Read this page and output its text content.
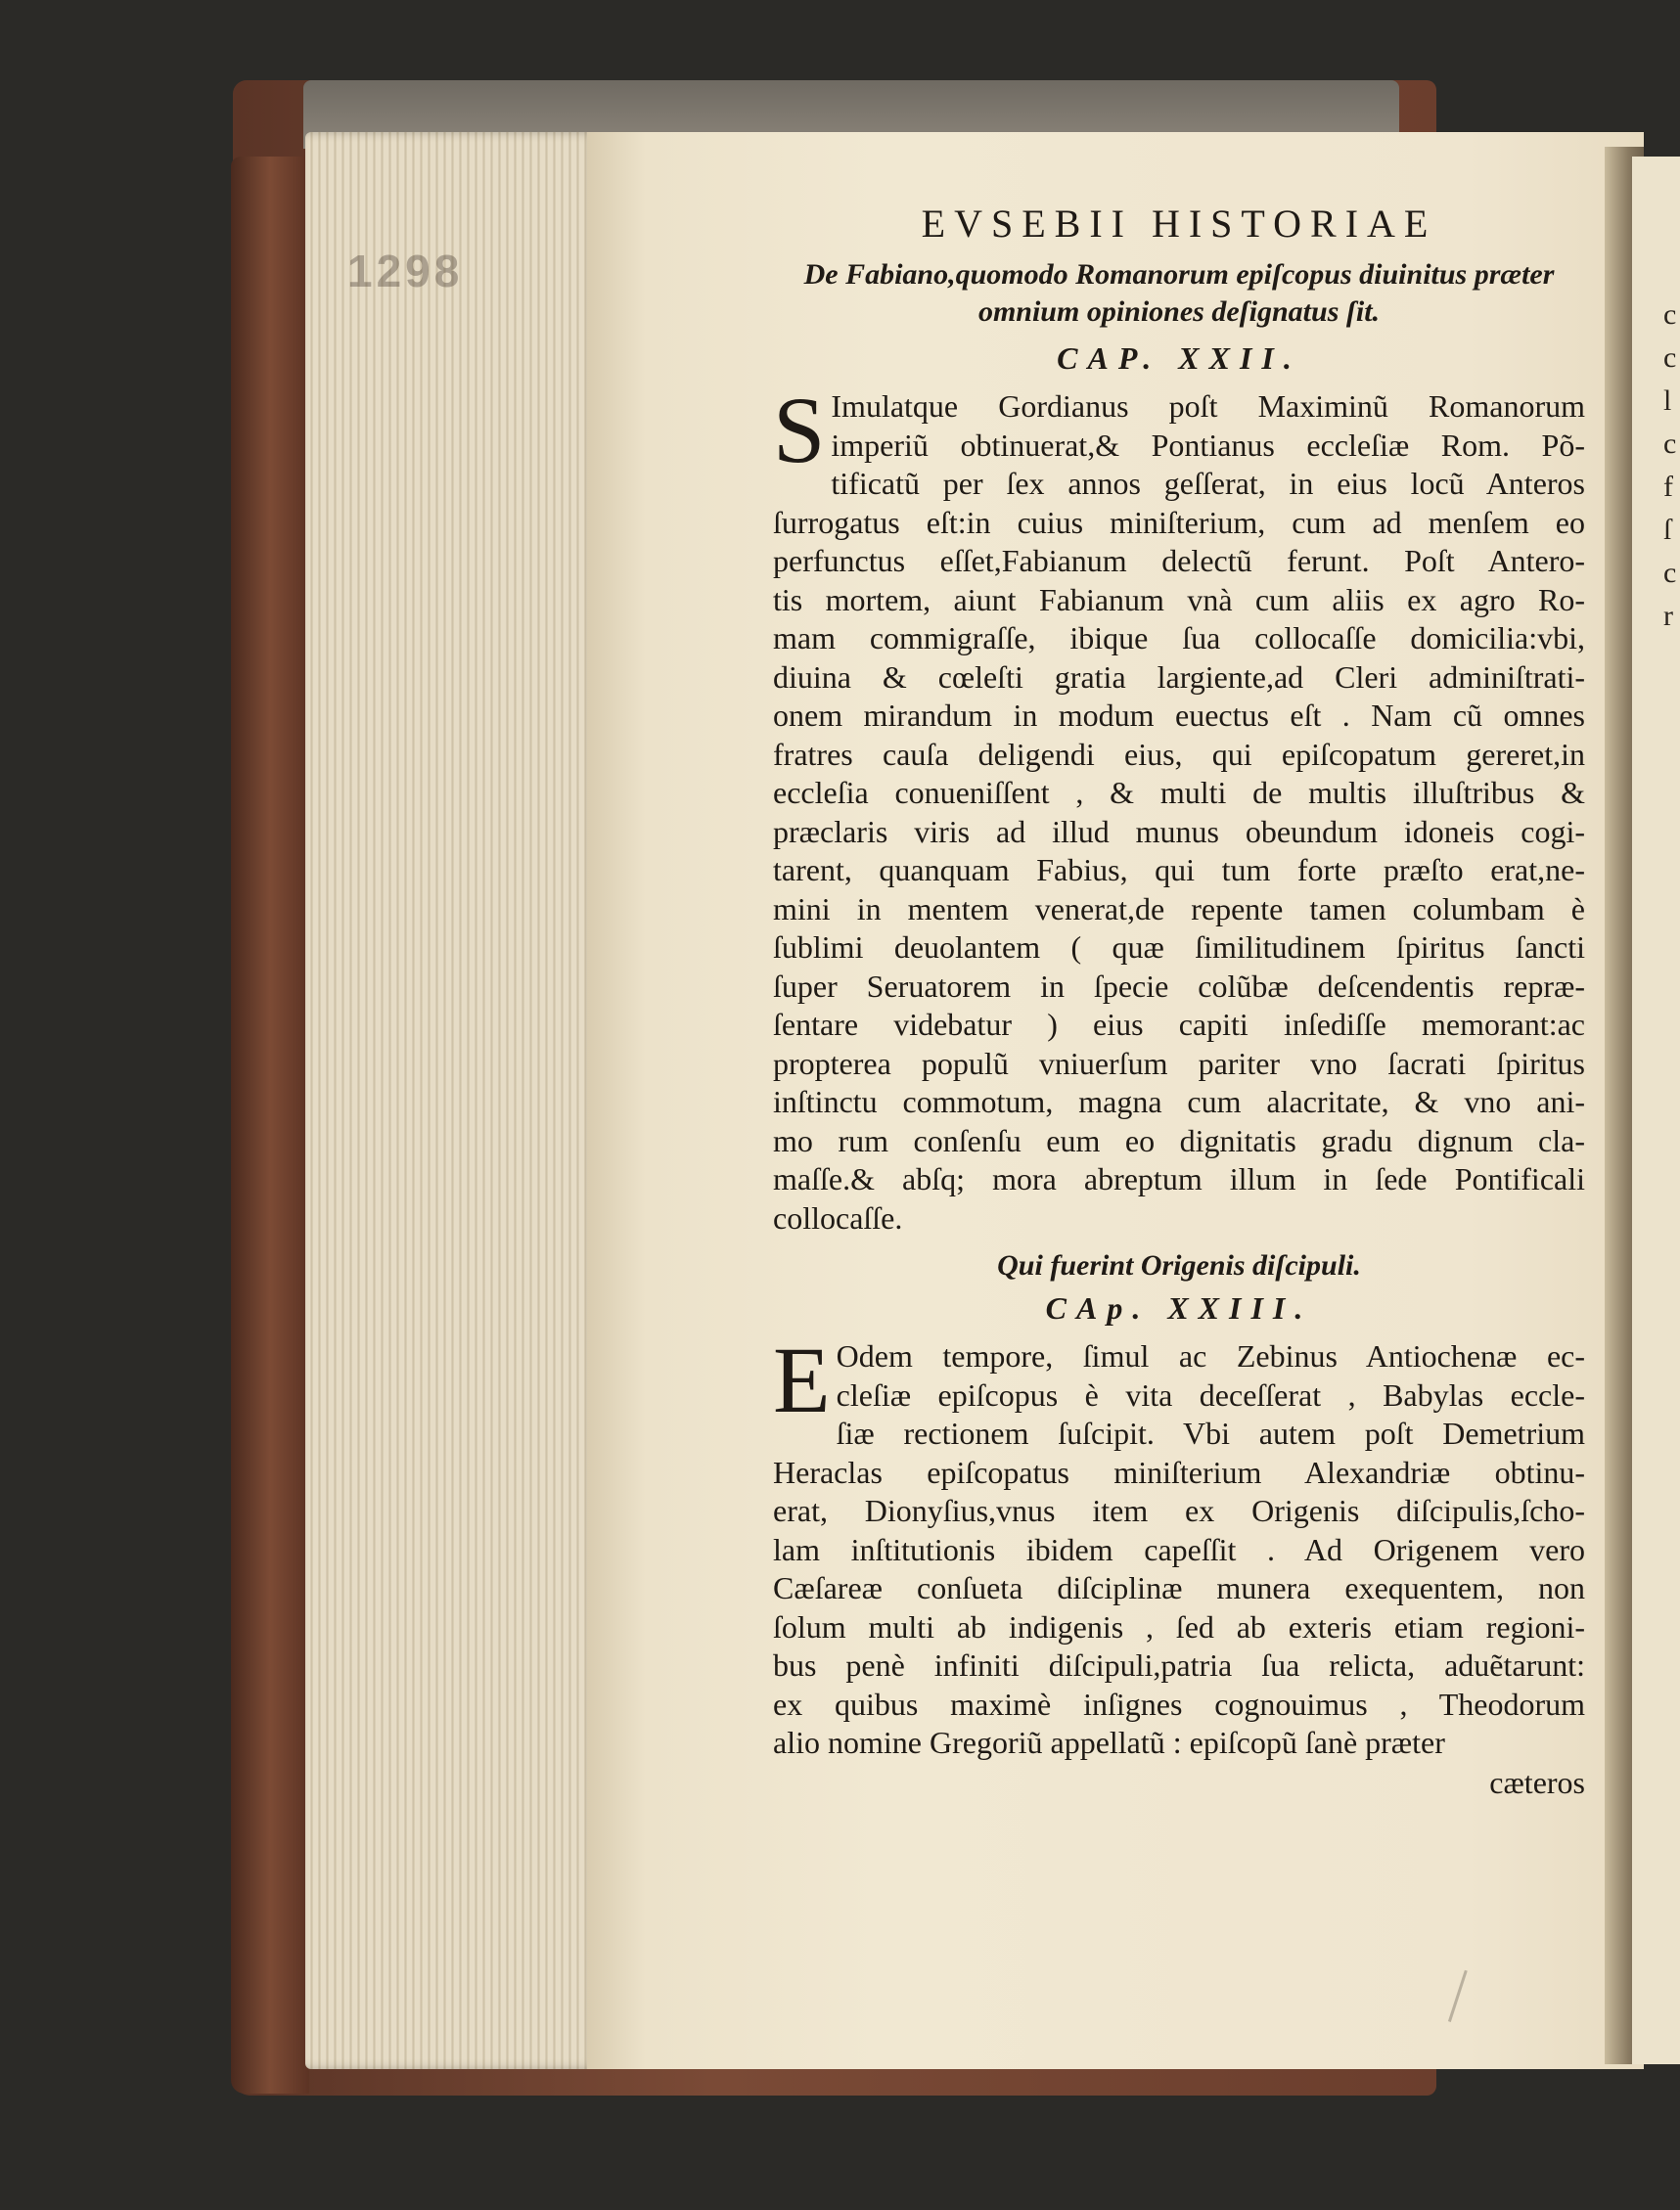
1298
c
c
l
c
f
ſ
c
r
EVSEBII HISTORIAE

De Fabiano,quomodo Romanorum epiſcopus diuinitus præter
omnium opiniones deſignatus ſit.

CAP. XXII.

S Imulatque Gordianus poſt Maximinũ Romanorum
imperiũ obtinuerat,& Pontianus eccleſiæ Rom. Põ-
tificatũ per ſex annos geſſerat, in eius locũ Anteros
ſurrogatus eſt:in cuius miniſterium, cum ad menſem eo
perfunctus eſſet,Fabianum delectũ ferunt. Poſt Antero-
tis mortem, aiunt Fabianum vnà cum aliis ex agro Ro-
mam commigraſſe, ibique ſua collocaſſe domicilia:vbi,
diuina & cœleſti gratia largiente,ad Cleri adminiſtrati-
onem mirandum in modum euectus eſt . Nam cũ omnes
fratres cauſa deligendi eius, qui epiſcopatum gereret,in
eccleſia conueniſſent , & multi de multis illuſtribus &
præclaris viris ad illud munus obeundum idoneis cogi-
tarent, quanquam Fabius, qui tum forte præſto erat,ne-
mini in mentem venerat,de repente tamen columbam è
ſublimi deuolantem ( quæ ſimilitudinem ſpiritus ſancti
ſuper Seruatorem in ſpecie colũbæ deſcendentis repræ-
ſentare videbatur ) eius capiti inſediſſe memorant:ac
propterea populũ vniuerſum pariter vno ſacrati ſpiritus
inſtinctu commotum, magna cum alacritate, & vno ani-
mo rum conſenſu eum eo dignitatis gradu dignum cla-
maſſe.& abſq; mora abreptum illum in ſede Pontificali
collocaſſe.

Qui fuerint Origenis diſcipuli.

CAp. XXIII.

E Odem tempore, ſimul ac Zebinus Antiochenæ ec-
cleſiæ epiſcopus è vita deceſſerat , Babylas eccle-
ſiæ rectionem ſuſcipit. Vbi autem poſt Demetrium
Heraclas epiſcopatus miniſterium Alexandriæ obtinu-
erat, Dionyſius,vnus item ex Origenis diſcipulis,ſcho-
lam inſtitutionis ibidem capeſſit . Ad Origenem vero
Cæſareæ conſueta diſciplinæ munera exequentem, non
ſolum multi ab indigenis , ſed ab exteris etiam regioni-
bus penè infiniti diſcipuli,patria ſua relicta, aduẽtarunt:
ex quibus maximè inſignes cognouimus , Theodorum
alio nomine Gregoriũ appellatũ : epiſcopũ ſanè præter
cæteros
